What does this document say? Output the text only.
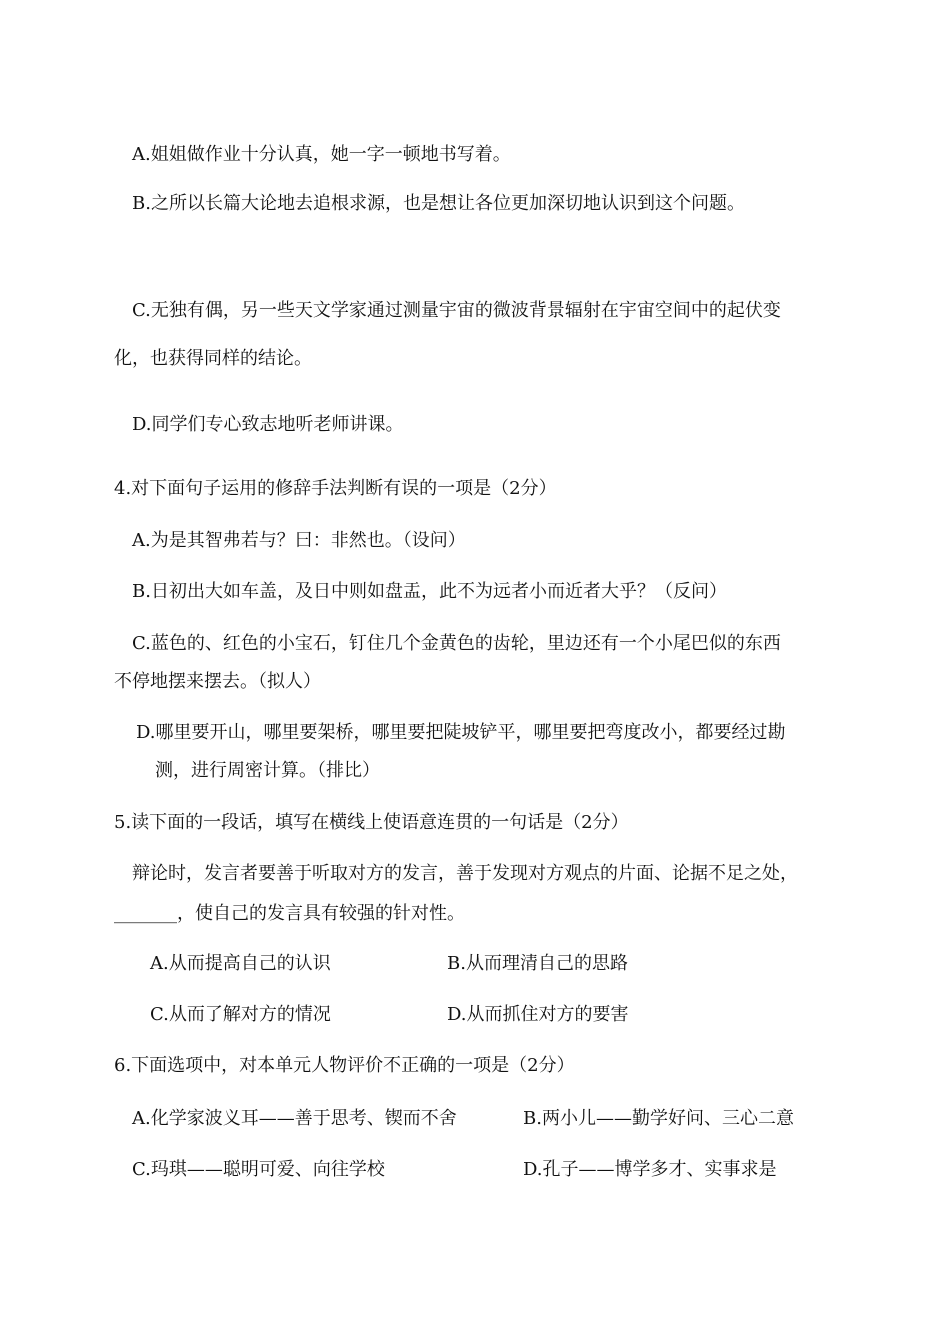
A.姐姐做作业十分认真，她一字一顿地书写着。
B.之所以长篇大论地去追根求源，也是想让各位更加深切地认识到这个问题。
C.无独有偶，另一些天文学家通过测量宇宙的微波背景辐射在宇宙空间中的起伏变
化，也获得同样的结论。
D.同学们专心致志地听老师讲课。
4.对下面句子运用的修辞手法判断有误的一项是（2分）
A.为是其智弗若与？曰：非然也。（设问）
B.日初出大如车盖，及日中则如盘盂，此不为远者小而近者大乎？（反问）
C.蓝色的、红色的小宝石，钉住几个金黄色的齿轮，里边还有一个小尾巴似的东西
不停地摆来摆去。（拟人）
D.哪里要开山，哪里要架桥，哪里要把陡坡铲平，哪里要把弯度改小，都要经过勘
测，进行周密计算。（排比）
5.读下面的一段话，填写在横线上使语意连贯的一句话是（2分）
辩论时，发言者要善于听取对方的发言，善于发现对方观点的片面、论据不足之处，
_______，使自己的发言具有较强的针对性。
A.从而提高自己的认识	B.从而理清自己的思路
C.从而了解对方的情况	D.从而抓住对方的要害
6.下面选项中，对本单元人物评价不正确的一项是（2分）
A.化学家波义耳——善于思考、锲而不舍	B.两小儿——勤学好问、三心二意
C.玛琪——聪明可爱、向往学校	D.孔子——博学多才、实事求是
